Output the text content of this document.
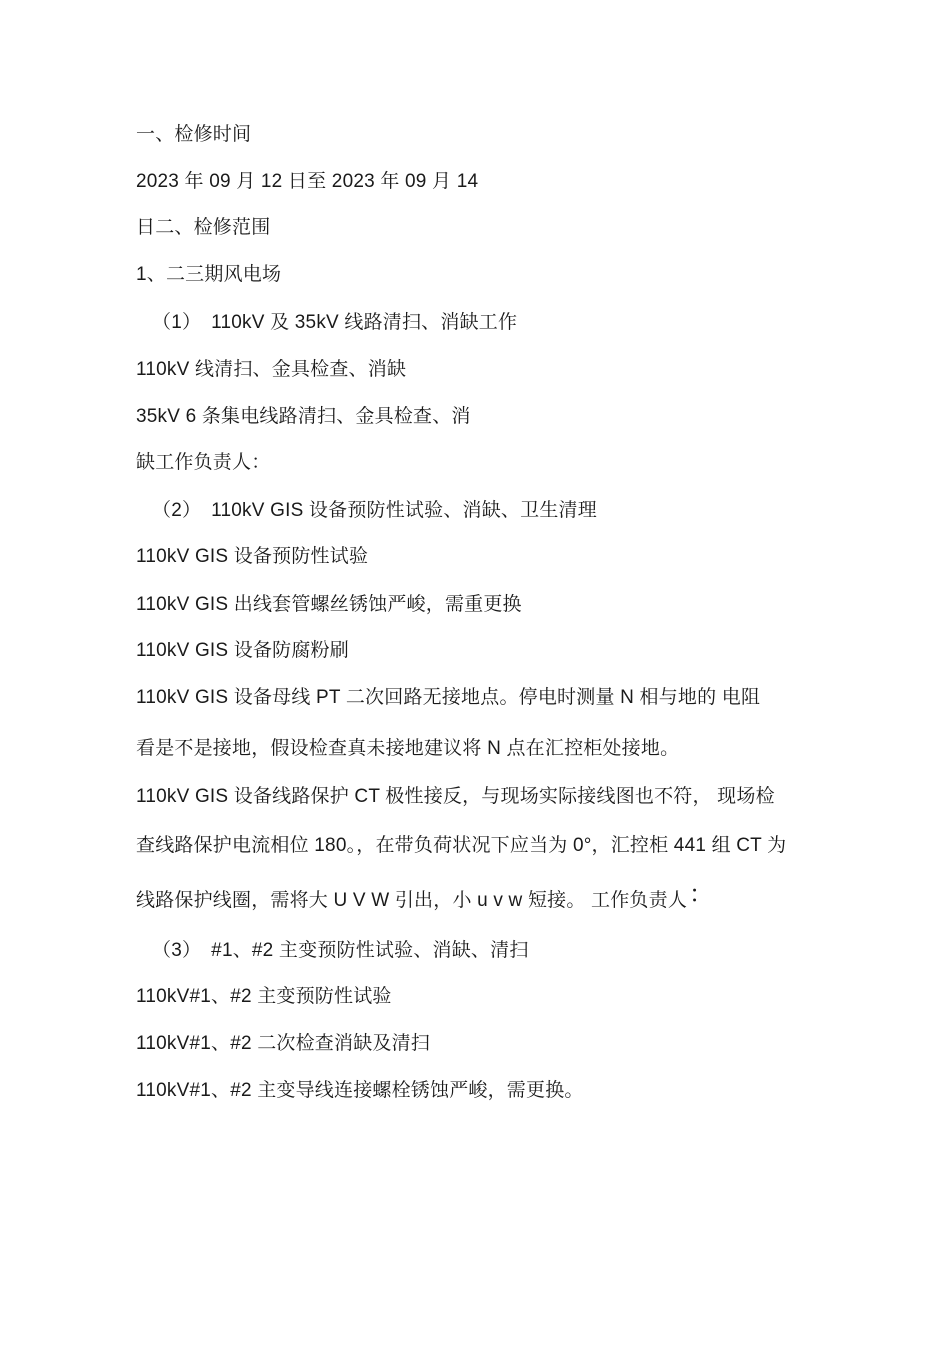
一、检修时间
2023 年 09 月 12 日至 2023 年 09 月 14
日二、检修范围
1、二三期风电场
（1） 110kV 及 35kV 线路清扫、消缺工作
110kV 线清扫、金具检查、消缺
35kV 6 条集电线路清扫、金具检查、消
缺工作负责人：
（2） 110kV GIS 设备预防性试验、消缺、卫生清理
110kV GIS 设备预防性试验
110kV GIS 出线套管螺丝锈蚀严峻，需重更换
110kV GIS 设备防腐粉刷
110kV GIS 设备母线 PT 二次回路无接地点。停电时测量 N 相与地的 电阻
看是不是接地，假设检查真未接地建议将 N 点在汇控柜处接地。
110kV GIS 设备线路保护 CT 极性接反，与现场实际接线图也不符， 现场检
查线路保护电流相位 180。，在带负荷状况下应当为 0°，汇控柜 441 组 CT 为
线路保护线圈，需将大 U V W 引出，小 u v w 短接。 工作负责人：
（3） #1、#2 主变预防性试验、消缺、清扫
110kV#1、#2 主变预防性试验
110kV#1、#2 二次检查消缺及清扫
110kV#1、#2 主变导线连接螺栓锈蚀严峻，需更换。
